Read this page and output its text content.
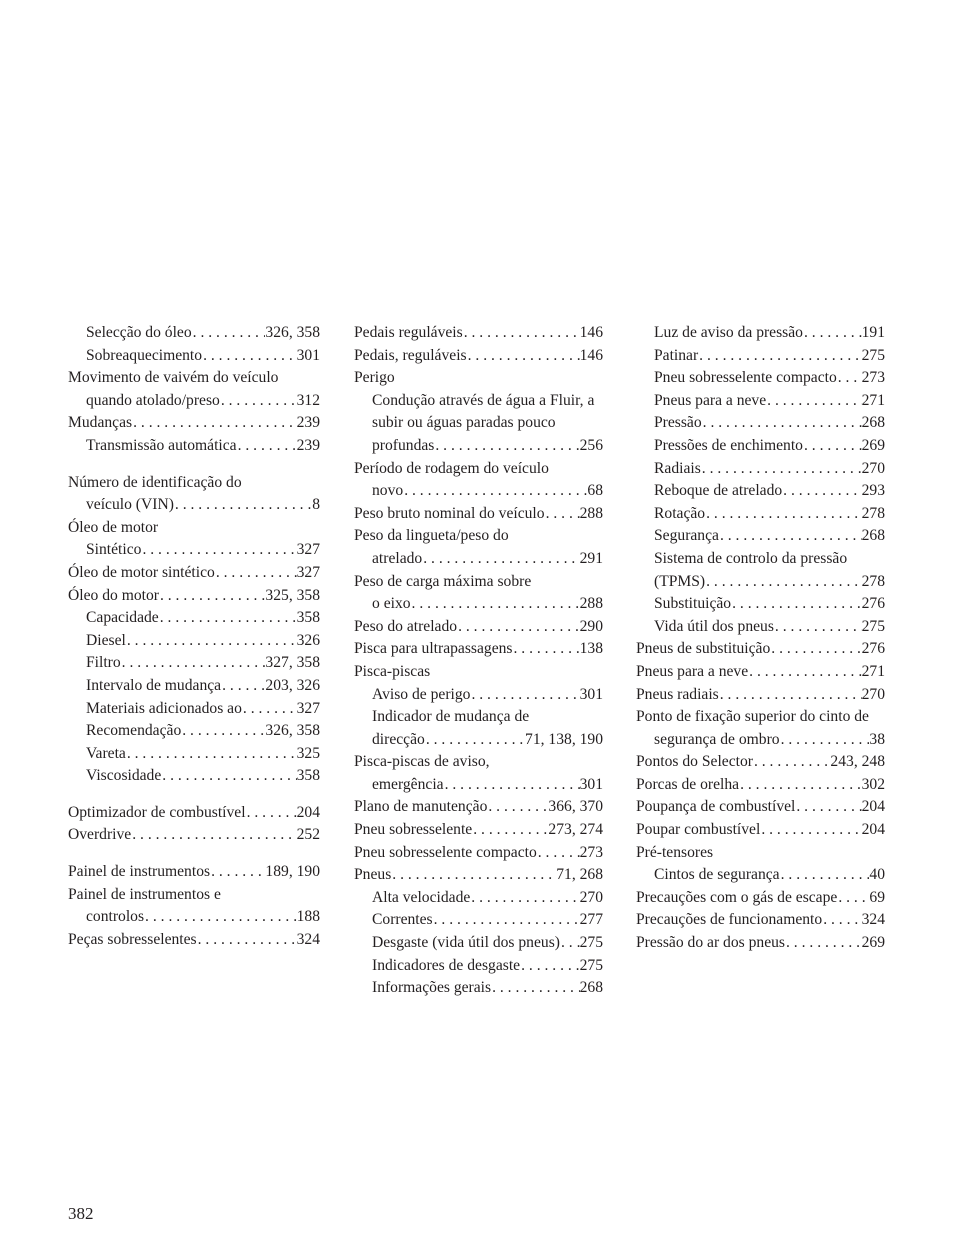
Selecção do óleo . . .	326, 358
Sobreaquecimento . . .	301
Movimento de vaivém do veículo
quando atolado/preso . . .	312
Mudanças . . .	239
Transmissão automática . . .	239
Número de identificação do
veículo (VIN) . . .	8
Óleo de motor
Sintético . . .	327
Óleo de motor sintético . . .	327
Óleo do motor . . .	325, 358
Capacidade . . .	358
Diesel . . .	326
Filtro . . .	327, 358
Intervalo de mudança . . .	203, 326
Materiais adicionados ao . . .	327
Recomendação . . .	326, 358
Vareta . . .	325
Viscosidade . . .	358
Optimizador de combustível . . .	204
Overdrive . . .	252
Painel de instrumentos . . .	189, 190
Painel de instrumentos e
controlos . . .	188
Peças sobresselentes . . .	324
Pedais reguláveis . . .	146
Pedais, reguláveis . . .	146
Perigo
Condução através de água a Fluir, a
subir ou águas paradas pouco
profundas . . .	256
Período de rodagem do veículo
novo . . .	68
Peso bruto nominal do veículo . . . 288
Peso da lingueta/peso do
atrelado . . .	291
Peso de carga máxima sobre
o eixo . . .	288
Peso do atrelado . . .	290
Pisca para ultrapassagens . . .	138
Pisca-piscas
Aviso de perigo . . .	301
Indicador de mudança de
direcção . . .	71, 138, 190
Pisca-piscas de aviso,
emergência . . .	301
Plano de manutenção . . .	366, 370
Pneu sobresselente . . .	273, 274
Pneu sobresselente compacto . . .	273
Pneus . . .	71, 268
Alta velocidade . . .	270
Correntes . . .	277
Desgaste (vida útil dos pneus) . . . 275
Indicadores de desgaste . . .	275
Informações gerais . . .	268
Luz de aviso da pressão . . .	191
Patinar . . .	275
Pneu sobresselente compacto . . . 273
Pneus para a neve . . .	271
Pressão . . .	268
Pressões de enchimento . . .	269
Radiais . . .	270
Reboque de atrelado . . .	293
Rotação . . .	278
Segurança . . .	268
Sistema de controlo da pressão
(TPMS) . . .	278
Substituição . . .	276
Vida útil dos pneus . . .	275
Pneus de substituição . . .	276
Pneus para a neve . . .	271
Pneus radiais . . .	270
Ponto de fixação superior do cinto de
segurança de ombro . . .	38
Pontos do Selector . . .	243, 248
Porcas de orelha . . .	302
Poupança de combustível . . .	204
Poupar combustível . . .	204
Pré-tensores
Cintos de segurança . . .	40
Precauções com o gás de escape . . . 69
Precauções de funcionamento . . .	324
Pressão do ar dos pneus . . .	269
382
